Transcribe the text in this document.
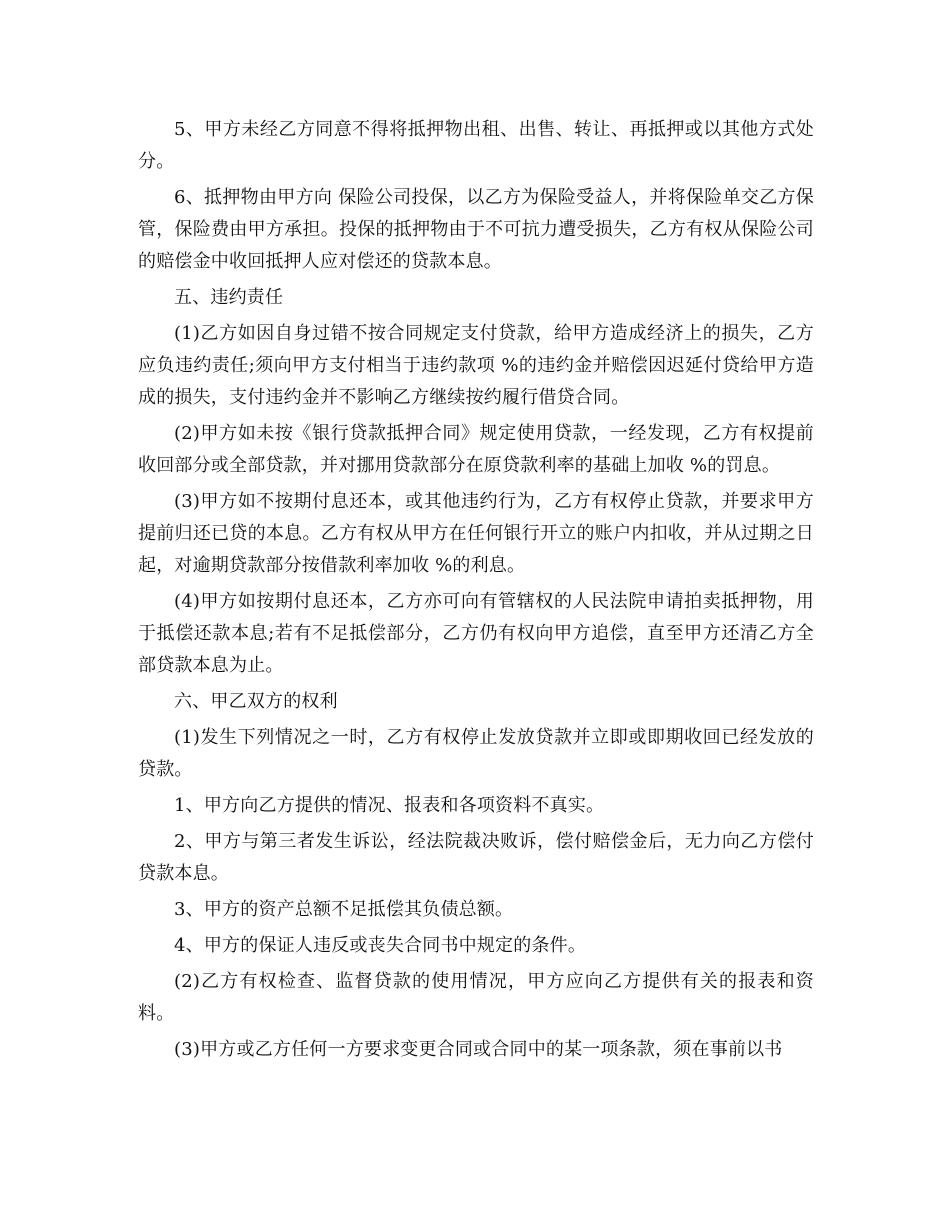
5、甲方未经乙方同意不得将抵押物出租、出售、转让、再抵押或以其他方式处分。

6、抵押物由甲方向 保险公司投保，以乙方为保险受益人，并将保险单交乙方保管，保险费由甲方承担。投保的抵押物由于不可抗力遭受损失，乙方有权从保险公司的赔偿金中收回抵押人应对偿还的贷款本息。

五、违约责任

(1)乙方如因自身过错不按合同规定支付贷款，给甲方造成经济上的损失，乙方应负违约责任;须向甲方支付相当于违约款项 %的违约金并赔偿因迟延付贷给甲方造成的损失，支付违约金并不影响乙方继续按约履行借贷合同。

(2)甲方如未按《银行贷款抵押合同》规定使用贷款，一经发现，乙方有权提前收回部分或全部贷款，并对挪用贷款部分在原贷款利率的基础上加收 %的罚息。

(3)甲方如不按期付息还本，或其他违约行为，乙方有权停止贷款，并要求甲方提前归还已贷的本息。乙方有权从甲方在任何银行开立的账户内扣收，并从过期之日起，对逾期贷款部分按借款利率加收 %的利息。

(4)甲方如按期付息还本，乙方亦可向有管辖权的人民法院申请拍卖抵押物，用于抵偿还款本息;若有不足抵偿部分，乙方仍有权向甲方追偿，直至甲方还清乙方全部贷款本息为止。

六、甲乙双方的权利

(1)发生下列情况之一时，乙方有权停止发放贷款并立即或即期收回已经发放的贷款。

1、甲方向乙方提供的情况、报表和各项资料不真实。

2、甲方与第三者发生诉讼，经法院裁决败诉，偿付赔偿金后，无力向乙方偿付贷款本息。

3、甲方的资产总额不足抵偿其负债总额。

4、甲方的保证人违反或丧失合同书中规定的条件。

(2)乙方有权检查、监督贷款的使用情况，甲方应向乙方提供有关的报表和资料。

(3)甲方或乙方任何一方要求变更合同或合同中的某一项条款，须在事前以书
